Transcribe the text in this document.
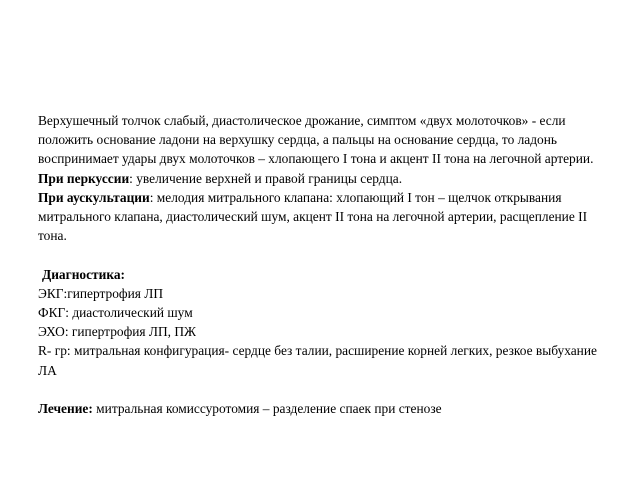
Верхушечный толчок слабый, диастолическое дрожание, симптом «двух молоточков» - если положить основание ладони на верхушку сердца, а пальцы на основание сердца, то ладонь воспринимает удары двух молоточков – хлопающего I тона и акцент II тона на легочной артерии.

При перкуссии: увеличение верхней и правой границы сердца.

При аускультации: мелодия митрального клапана: хлопающий I тон – щелчок открывания митрального клапана, диастолический шум, акцент II тона на легочной артерии, расщепление II тона.

Диагностика:

ЭКГ:гипертрофия ЛП

ФКГ: диастолический шум

ЭХО: гипертрофия ЛП, ПЖ

R- гр: митральная конфигурация- сердце без талии, расширение корней легких, резкое выбухание ЛА

Лечение: митральная комиссуротомия – разделение спаек при стенозе
